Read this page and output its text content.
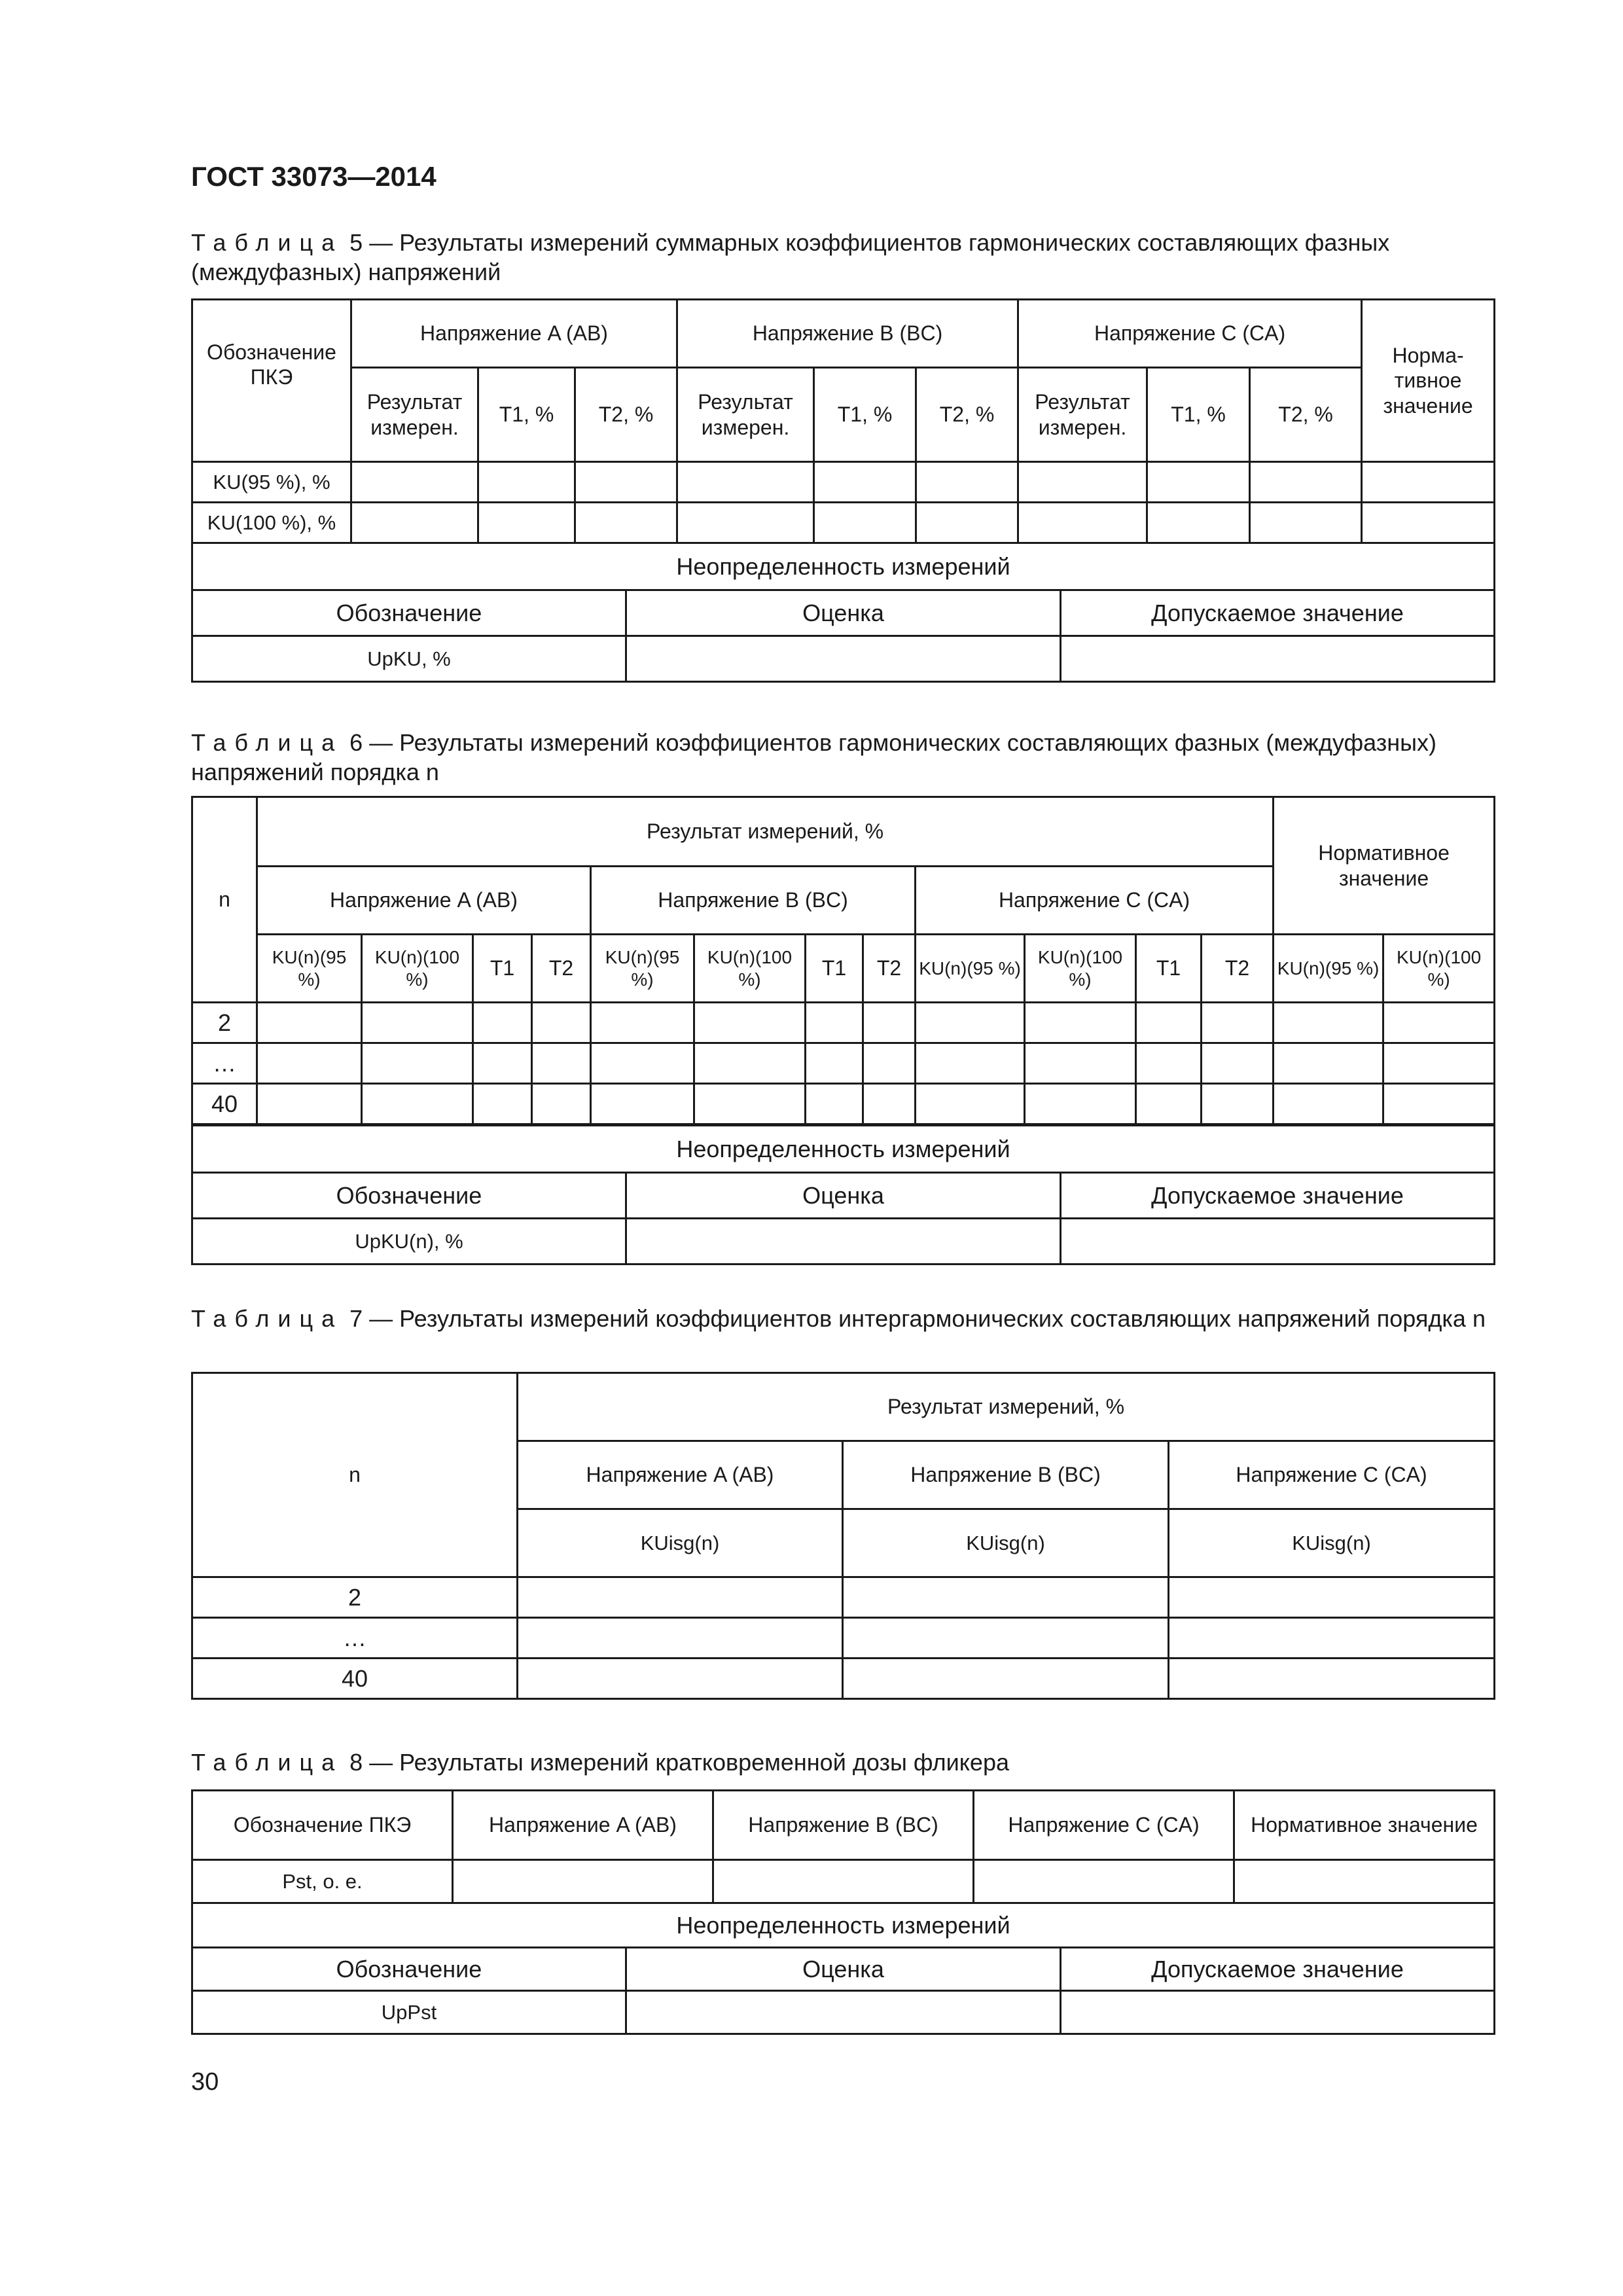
ГОСТ 33073—2014
Таблица 5 — Результаты измерений суммарных коэффициентов гармонических составляющих фазных (междуфазных) напряжений
Обозначение ПКЭ	Напряжение A (AB)			Напряжение B (BC)			Напряжение C (CA)			Норма-тивное значение
	Результат измерен.	T1, %	T2, %	Результат измерен.	T1, %	T2, %	Результат измерен.	T1, %	T2, %	
KU(95 %), %										
KU(100 %), %										
Неопределенность измерений		
Обозначение	Оценка	Допускаемое значение
UpKU, %		
Таблица 6 — Результаты измерений коэффициентов гармонических составляющих фазных (междуфазных) напряжений порядка n
n	Результат измерений, %												Нормативное значение	
	Напряжение A (AB)				Напряжение B (BC)				Напряжение C (CA)					
	KU(n)(95 %)	KU(n)(100 %)	T1	T2	KU(n)(95 %)	KU(n)(100 %)	T1	T2	KU(n)(95 %)	KU(n)(100 %)	T1	T2	KU(n)(95 %)	KU(n)(100 %)
2														
…														
40														
Неопределенность измерений		
Обозначение	Оценка	Допускаемое значение
UpKU(n), %		
Таблица 7 — Результаты измерений коэффициентов интергармонических составляющих напряжений порядка n
n	Результат измерений, %		
	Напряжение A (AB)	Напряжение B (BC)	Напряжение C (CA)
	KUisg(n)	KUisg(n)	KUisg(n)
2			
…			
40			
Таблица 8 — Результаты измерений кратковременной дозы фликера
Обозначение ПКЭ	Напряжение A (AB)	Напряжение B (BC)	Напряжение C (CA)	Нормативное значение
Pst, о. е.				
Неопределенность измерений		
Обозначение	Оценка	Допускаемое значение
UpPst		
30
